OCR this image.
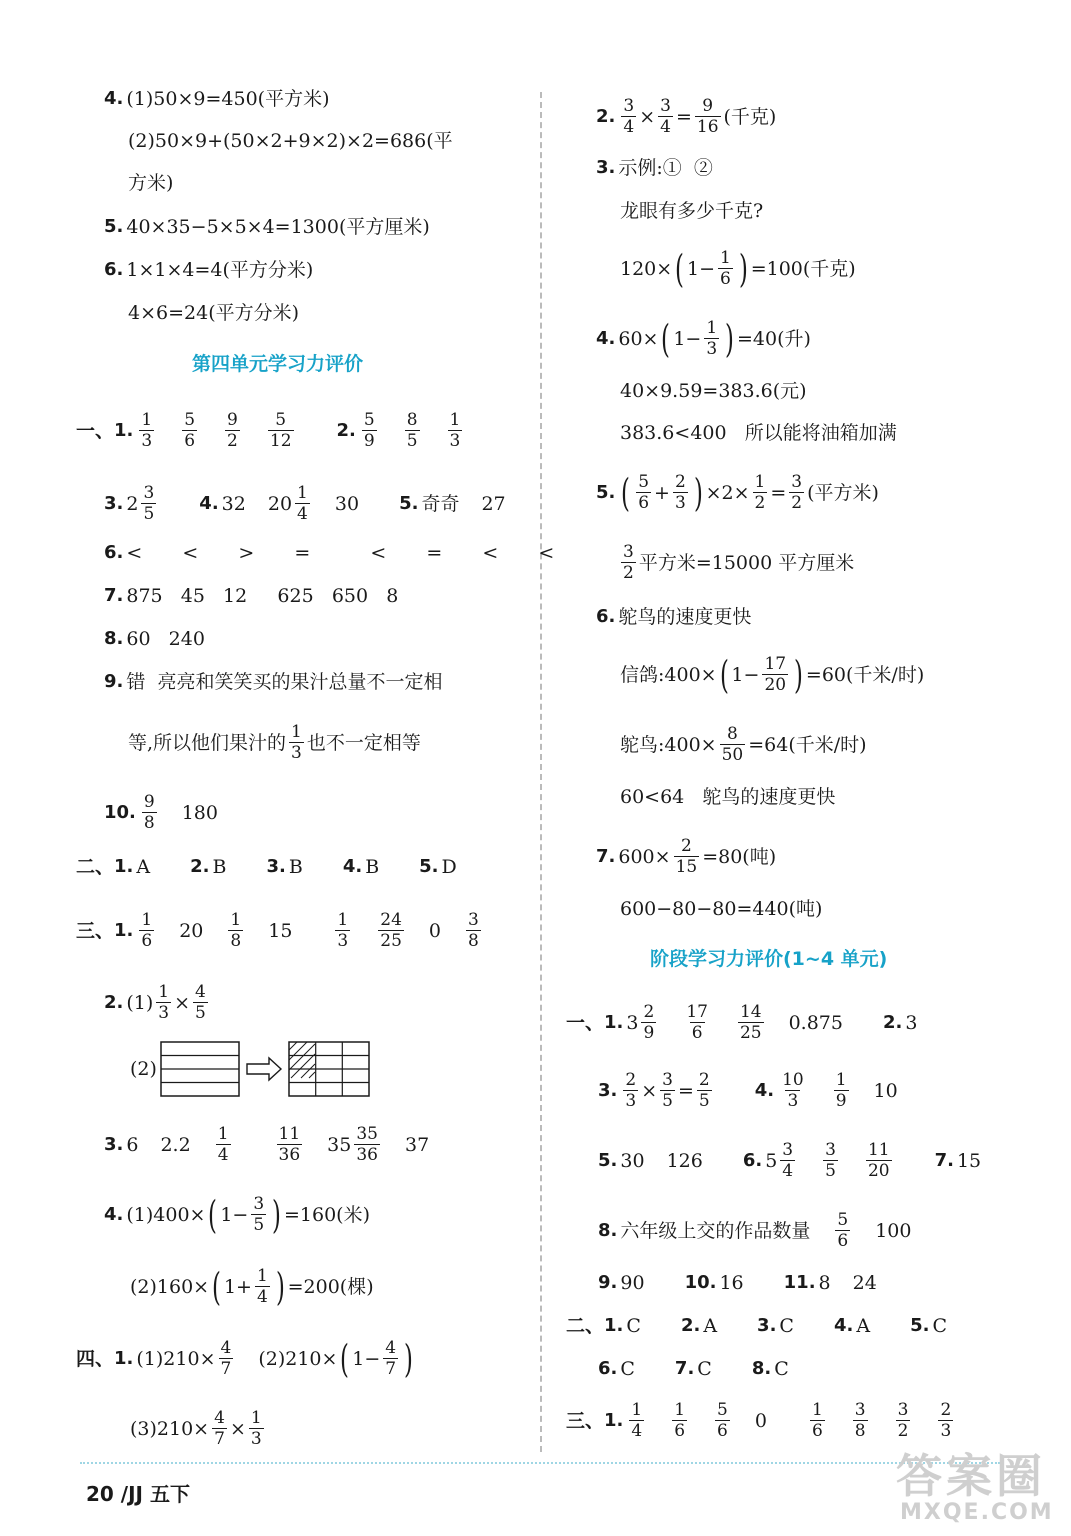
4. (1)50×9=450(平方米)
(2)50×9+(50×2+9×2)×2=686(平
方米)
5. 40×35−5×5×4=1300(平方厘米)
6. 1×1×4=4(平方分米)
4×6=24(平方分米)
第四单元学习力评价
一、 1. $\frac{1}{3} \frac{5}{6} \frac{9}{2} \frac{5}{12} 2$. $\frac{5}{9} \frac{8}{5} \frac{1}{3}$
3. $2 \frac{3}{5} 4$. 32 $20 \frac{1}{4} 30$ 5. 奇奇 27
6. <  <  >  =   <  =  <  <
7. 875   45   12     625   650   8
8. 60   240
9. 错  亮亮和笑笑买的果汁总量不一定相
等,所以他们果汁的 $\frac{1}{3}$ 也不一定相等
10. $\frac{9}{8} 180$
二、 1. A 2. B 3. B 4. B 5. D
三、 1. $\frac{1}{6} 20 \frac{1}{8} 15$	$\frac{1}{3} \frac{24}{25} 0 \frac{3}{8}$
2. $(1) \frac{1}{3} \times \frac{4}{5}$
(2)
3. 6 $2.2 \frac{1}{4}$	$\frac{11}{36} 35 \frac{35}{36} 37$
4. (1)400× ( $1- \frac{3}{5}$ ) =160(米)
(2)160× ( $1+ \frac{1}{4}$ ) =200(棵)
四、 1. $(1)210\times \frac{4}{7} (2)210\times$ ( $1- \frac{4}{7}$ )
$(3)210\times \frac{4}{7} \times \frac{1}{3}$
2. $\frac{3}{4} \times \frac{3}{4} = \frac{9}{16}$ (千克)
3. 示例:①  ②
龙眼有多少千克?
120× ( $1- \frac{1}{6}$ ) =100(千克)
4. 60× ( $1- \frac{1}{3}$ ) =40(升)
40×9.59=383.6(元)
383.6<400   所以能将油箱加满
5. ( $\frac{5}{6} + \frac{2}{3}$ ) $\times 2\times \frac{1}{2} = \frac{3}{2}$ (平方米)
$\frac{3}{2}$ 平方米=15000 平方厘米
6. 鸵鸟的速度更快
信鸽:400× ( $1- \frac{17}{20}$ ) =60(千米/时)
鸵鸟:400× $\frac{8}{50} =64$(千米/时)
60<64   鸵鸟的速度更快
7. $600\times \frac{2}{15} =80$(吨)
600−80−80=440(吨)
阶段学习力评价(1~4 单元)
一、 1. $3 \frac{2}{9} \frac{17}{6} \frac{14}{25} 0.875$ 2. 3
3. $\frac{2}{3} \times \frac{3}{5} = \frac{2}{5} 4$. $\frac{10}{3} \frac{1}{9} 10$
5. 30 126 6. $5 \frac{3}{4} \frac{3}{5} \frac{11}{20} 7$. 15
8. 六年级上交的作品数量 $\frac{5}{6} 100$
9. 90 10. 16 11. 8 24
二、 1. C 2. A 3. C 4. A 5. C
6. C 7. C 8. C
三、 1. $\frac{1}{4} \frac{1}{6} \frac{5}{6} 0$	$\frac{1}{6} \frac{3}{8} \frac{3}{2} \frac{2}{3}$
20 /JJ 五下	答案圈
MXQE.COM
